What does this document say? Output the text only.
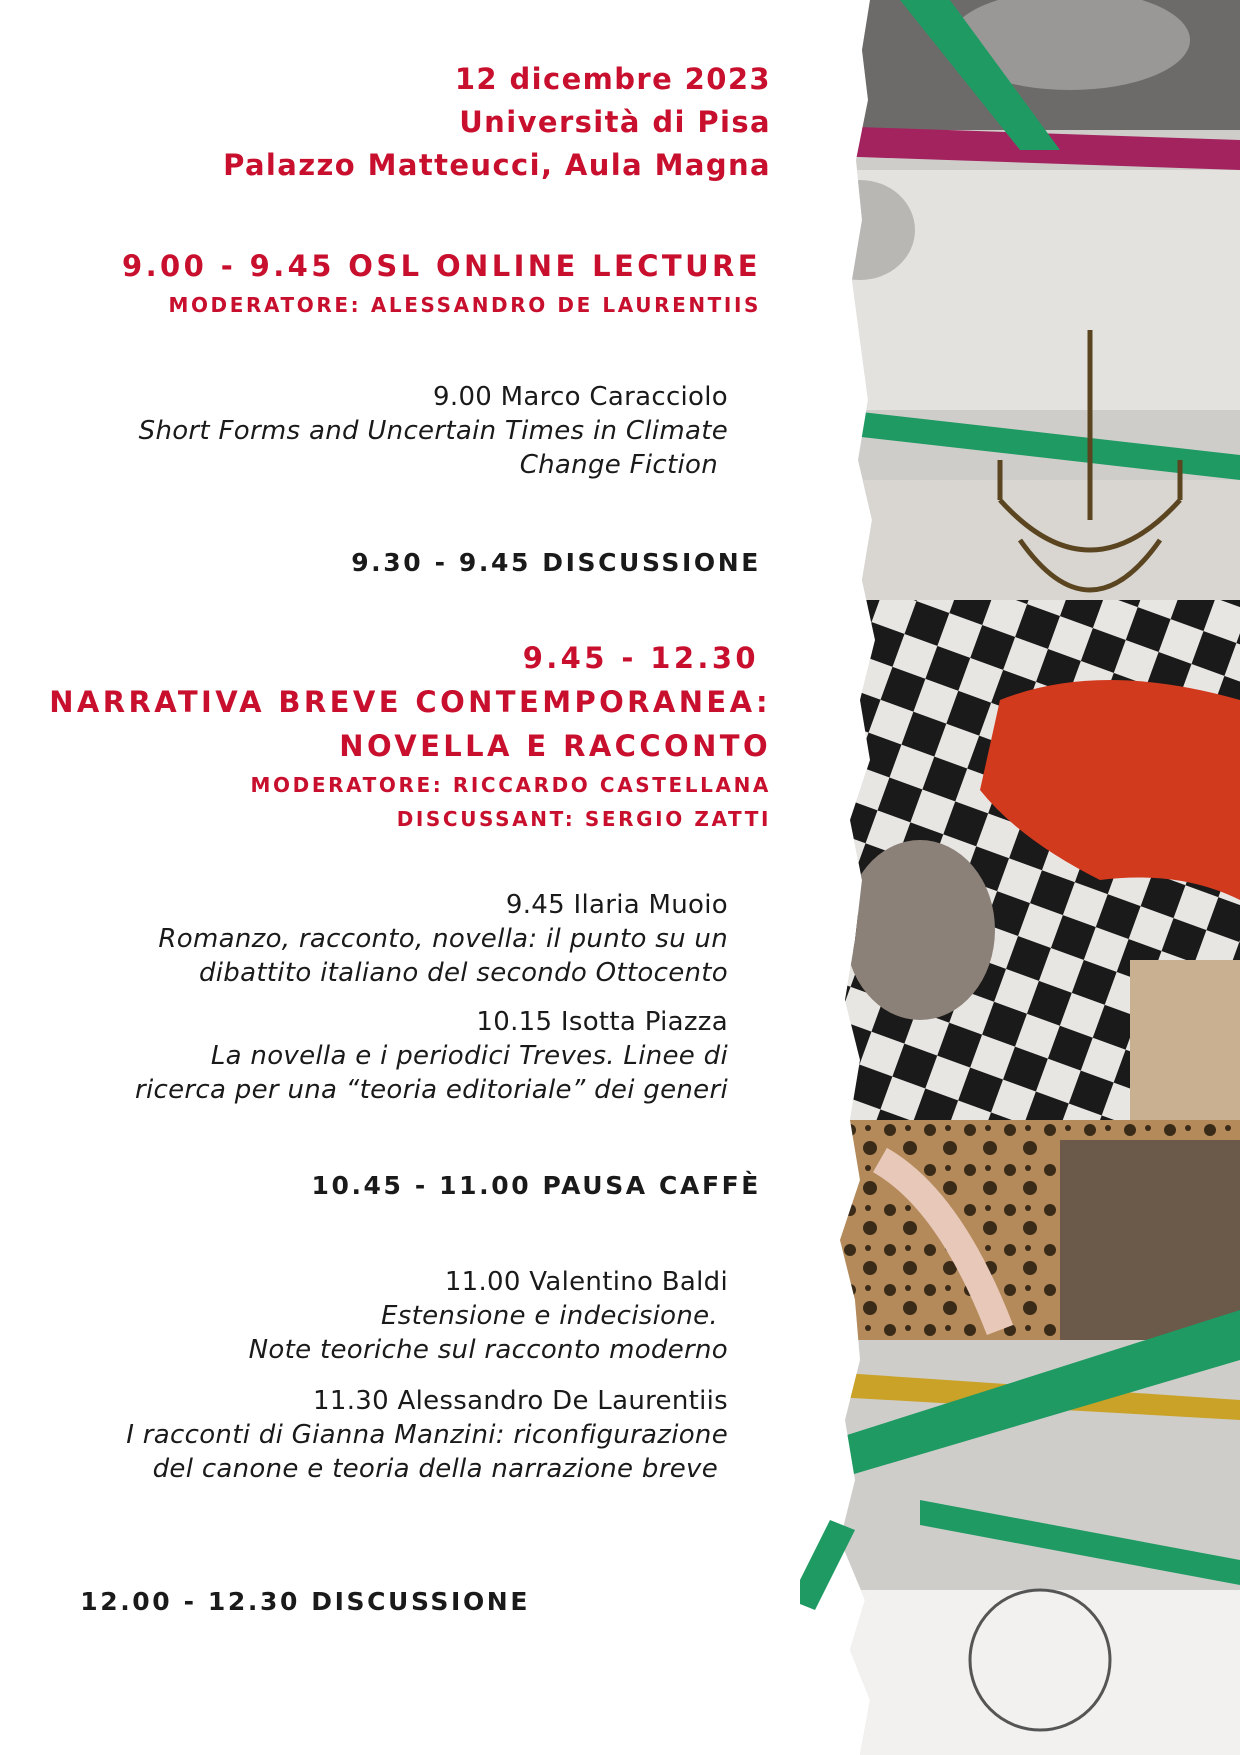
12 dicembre 2023
Università di Pisa
Palazzo Matteucci, Aula Magna
9.00 - 9.45 OSL ONLINE LECTURE
MODERATORE: ALESSANDRO DE LAURENTIIS
9.00 Marco Caracciolo
Short Forms and Uncertain Times in Climate
Change Fiction
9.30 - 9.45 DISCUSSIONE
9.45 - 12.30
NARRATIVA BREVE CONTEMPORANEA:
NOVELLA E RACCONTO
MODERATORE: RICCARDO CASTELLANA
DISCUSSANT: SERGIO ZATTI
9.45 Ilaria Muoio
Romanzo, racconto, novella: il punto su un
dibattito italiano del secondo Ottocento
10.15 Isotta Piazza
La novella e i periodici Treves. Linee di
ricerca per una “teoria editoriale” dei generi
10.45 - 11.00 PAUSA CAFFÈ
11.00 Valentino Baldi
Estensione e indecisione.
Note teoriche sul racconto moderno
11.30 Alessandro De Laurentiis
I racconti di Gianna Manzini: riconfigurazione
del canone e teoria della narrazione breve
12.00 - 12.30 DISCUSSIONE
